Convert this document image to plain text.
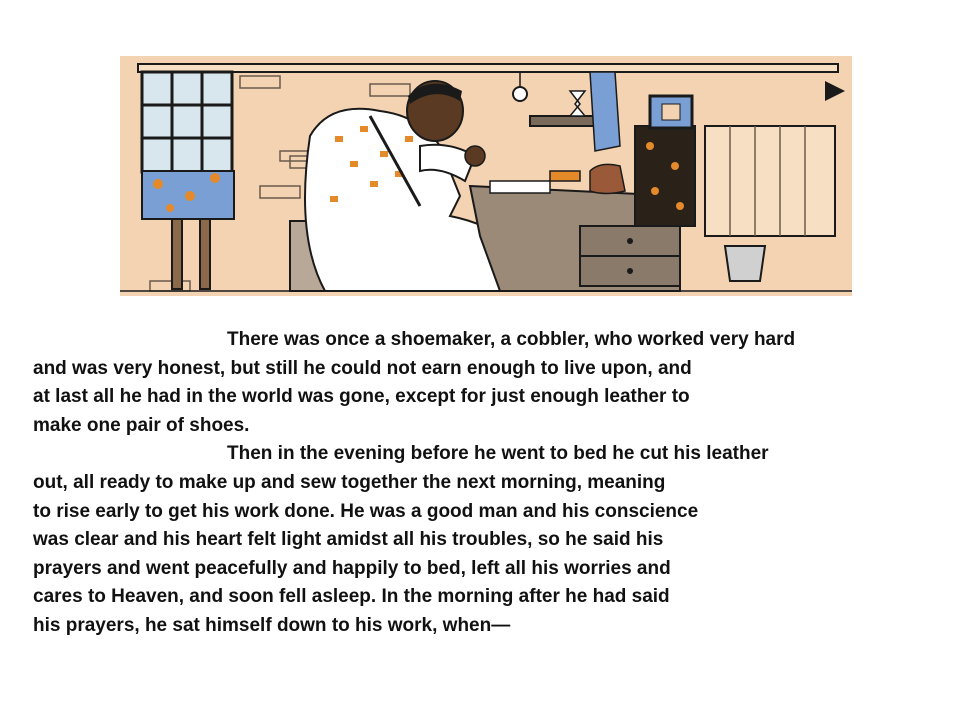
There was once a shoemaker, a cobbler, who worked very hard
and was very honest, but still he could not earn enough to live upon, and
at last all he had in the world was gone, except for just enough leather to
make one pair of shoes.

Then in the evening before he went to bed he cut his leather
out, all ready to make up and sew together the next morning, meaning
to rise early to get his work done. He was a good man and his conscience
was clear and his heart felt light amidst all his troubles, so he said his
prayers and went peacefully and happily to bed, left all his worries and
cares to Heaven, and soon fell asleep. In the morning after he had said
his prayers, he sat himself down to his work, when—
